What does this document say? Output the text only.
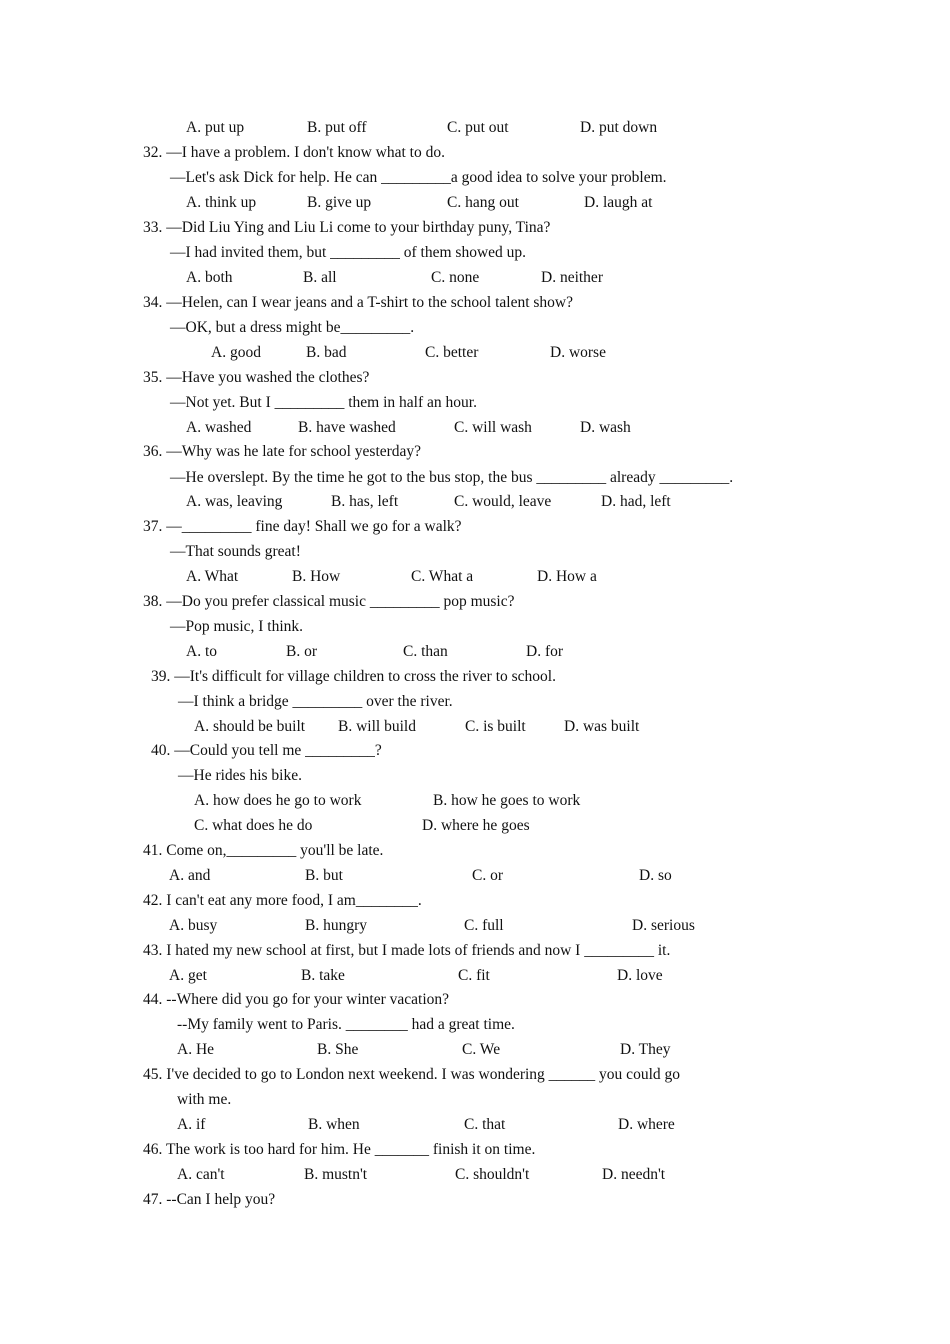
A. put up	B. put off	C. put out	D. put down
32. —I have a problem. I don't know what to do.
—Let's ask Dick for help. He can _________a good idea to solve your problem.
A. think up	B. give up	C. hang out	D. laugh at
33. —Did Liu Ying and Liu Li come to your birthday puny, Tina?
—I had invited them, but _________ of them showed up.
A. both	B. all	C. none	D. neither
34. —Helen, can I wear jeans and a T-shirt to the school talent show?
—OK, but a dress might be_________.
A. good	B. bad	C. better	D. worse
35. —Have you washed the clothes?
—Not yet. But I _________ them in half an hour.
A. washed	B. have washed	C. will wash	D. wash
36. —Why was he late for school yesterday?
—He overslept. By the time he got to the bus stop, the bus _________ already _________.
A. was, leaving	B. has, left	C. would, leave	D. had, left
37. —_________ fine day! Shall we go for a walk?
—That sounds great!
A. What	B. How	C. What a	D. How a
38. —Do you prefer classical music _________ pop music?
—Pop music, I think.
A. to	B. or	C. than	D. for
39. —It's difficult for village children to cross the river to school.
—I think a bridge _________ over the river.
A. should be built B. will build	C. is built D. was built
40. —Could you tell me _________?
—He rides his bike.
A. how does he go to work	B. how he goes to work
C. what does he do	D. where he goes
41. Come on,_________ you'll be late.
A. and	B. but	C. or	D. so
42. I can't eat any more food, I am________.
A. busy	B. hungry	C. full	D. serious
43. I hated my new school at first, but I made lots of friends and now I _________ it.
A. get	B. take	C. fit	D. love
44. --Where did you go for your winter vacation?
--My family went to Paris. ________ had a great time.
A. He	B. She	C. We	D. They
45. I've decided to go to London next weekend. I was wondering ______ you could go
with me.
A. if	B. when	C. that	D. where
46. The work is too hard for him. He _______ finish it on time.
A. can't	B. mustn't	C. shouldn't	D. needn't
47. --Can I help you?
